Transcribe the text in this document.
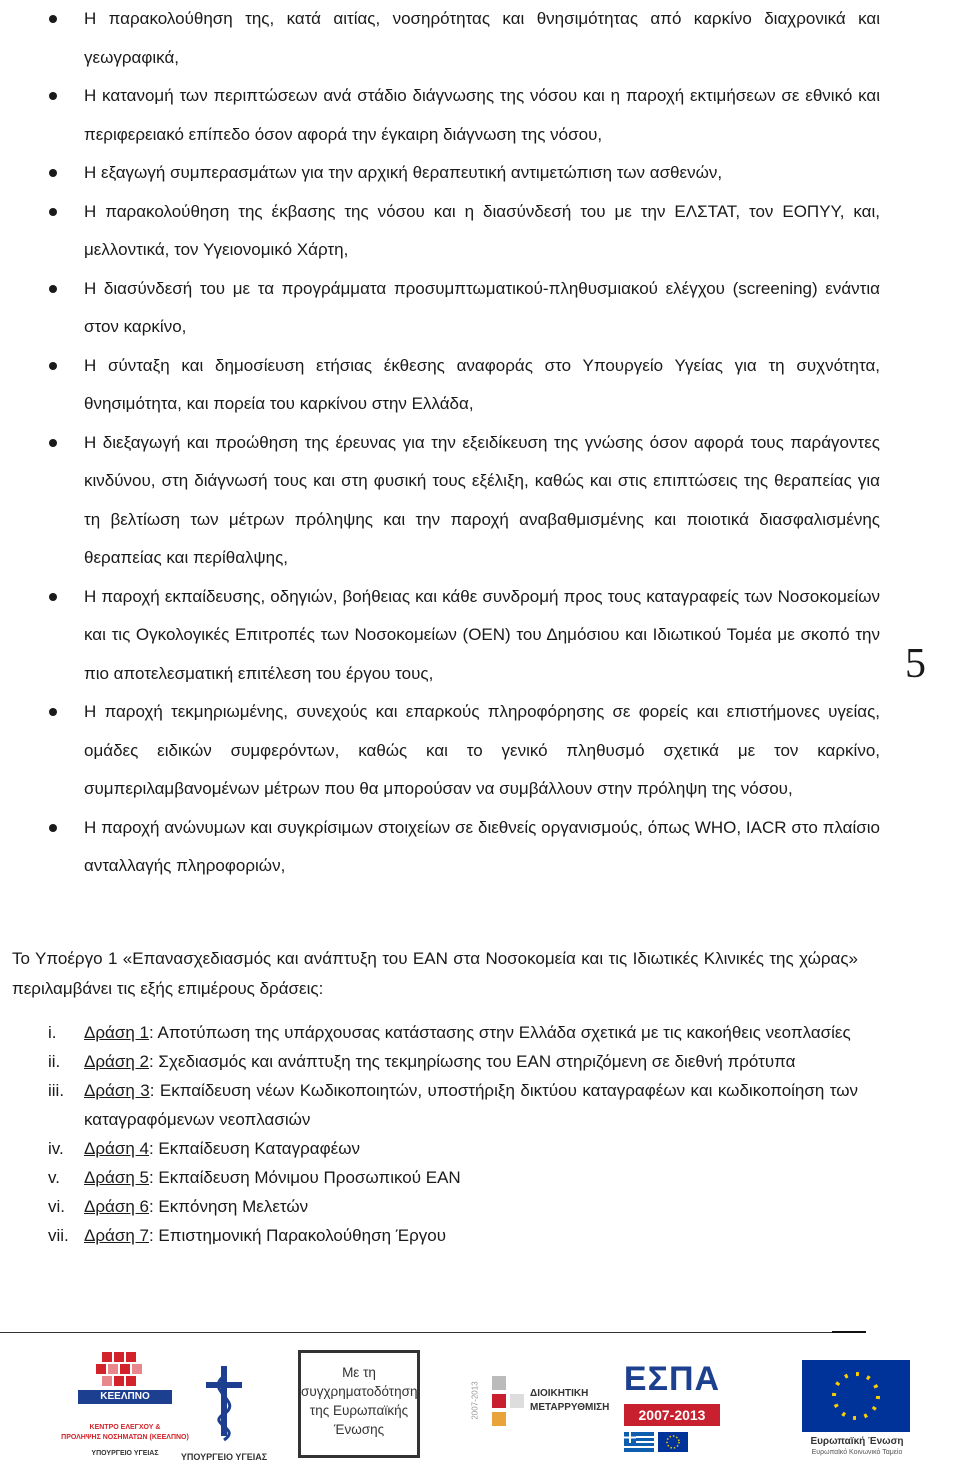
Η παρακολούθηση της, κατά αιτίας, νοσηρότητας και θνησιμότητας από καρκίνο διαχρονικά και γεωγραφικά,
Η κατανομή των περιπτώσεων ανά στάδιο διάγνωσης της νόσου και η παροχή εκτιμήσεων σε εθνικό και περιφερειακό επίπεδο όσον αφορά την έγκαιρη διάγνωση της νόσου,
Η εξαγωγή συμπερασμάτων για την αρχική θεραπευτική αντιμετώπιση των ασθενών,
Η παρακολούθηση της έκβασης της νόσου και η διασύνδεσή του με την ΕΛΣΤΑΤ, τον ΕΟΠΥΥ, και, μελλοντικά, τον Υγειονομικό Χάρτη,
Η διασύνδεσή του με τα προγράμματα προσυμπτωματικού-πληθυσμιακού ελέγχου (screening) ενάντια στον καρκίνο,
Η σύνταξη και δημοσίευση ετήσιας έκθεσης αναφοράς στο Υπουργείο Υγείας για τη συχνότητα, θνησιμότητα, και πορεία του καρκίνου στην Ελλάδα,
Η διεξαγωγή και προώθηση της έρευνας για την εξειδίκευση της γνώσης όσον αφορά τους παράγοντες κινδύνου, στη διάγνωσή τους και στη φυσική τους εξέλιξη, καθώς και στις επιπτώσεις της θεραπείας για τη βελτίωση των μέτρων πρόληψης και την παροχή αναβαθμισμένης και ποιοτικά διασφαλισμένης θεραπείας και περίθαλψης,
Η παροχή εκπαίδευσης, οδηγιών, βοήθειας και κάθε συνδρομή προς τους καταγραφείς των Νοσοκομείων και τις Ογκολογικές Επιτροπές των Νοσοκομείων (ΟΕΝ) του Δημόσιου και Ιδιωτικού Τομέα με σκοπό την πιο αποτελεσματική επιτέλεση του έργου τους,
Η παροχή τεκμηριωμένης, συνεχούς και επαρκούς πληροφόρησης σε φορείς και επιστήμονες υγείας, ομάδες ειδικών συμφερόντων, καθώς και το γενικό πληθυσμό σχετικά με τον καρκίνο, συμπεριλαμβανομένων μέτρων που θα μπορούσαν να συμβάλλουν στην πρόληψη της νόσου,
Η παροχή ανώνυμων και συγκρίσιμων στοιχείων σε διεθνείς οργανισμούς, όπως WHO, IACR στο πλαίσιο ανταλλαγής πληροφοριών,
5

Το Υποέργο 1 «Επανασχεδιασμός και ανάπτυξη του ΕΑΝ στα Νοσοκομεία και τις Ιδιωτικές Κλινικές της χώρας» περιλαμβάνει τις εξής επιμέρους δράσεις:

i. Δράση 1: Αποτύπωση της υπάρχουσας κατάστασης στην Ελλάδα σχετικά με τις κακοήθεις νεοπλασίες
ii. Δράση 2: Σχεδιασμός και ανάπτυξη της τεκμηρίωσης του ΕΑΝ στηριζόμενη σε διεθνή πρότυπα
iii. Δράση 3: Εκπαίδευση νέων Κωδικοποιητών, υποστήριξη δικτύου καταγραφέων και κωδικοποίηση των καταγραφόμενων νεοπλασιών
iv. Δράση 4: Εκπαίδευση Καταγραφέων
v. Δράση 5: Εκπαίδευση Μόνιμου Προσωπικού ΕΑΝ
vi. Δράση 6: Εκπόνηση Μελετών
vii. Δράση 7: Επιστημονική Παρακολούθηση Έργου
ΚΕΕΛΠΝΟ
ΚΕΝΤΡΟ ΕΛΕΓΧΟΥ &
ΠΡΟΛΗΨΗΣ ΝΟΣΗΜΑΤΩΝ (ΚΕΕΛΠΝΟ)
ΥΠΟΥΡΓΕΙΟ ΥΓΕΙΑΣ	ΥΠΟΥΡΓΕΙΟ ΥΓΕΙΑΣ
Με τη
συγχρηματοδότηση
της Ευρωπαϊκής
Ένωσης
2007-2013	ΔΙΟΙΚΗΤΙΚΗ
ΜΕΤΑΡΡΥΘΜΙΣΗ
ΕΣΠΑ
2007-2013
Ευρωπαϊκή Ένωση
Ευρωπαϊκό Κοινωνικό Ταμείο
